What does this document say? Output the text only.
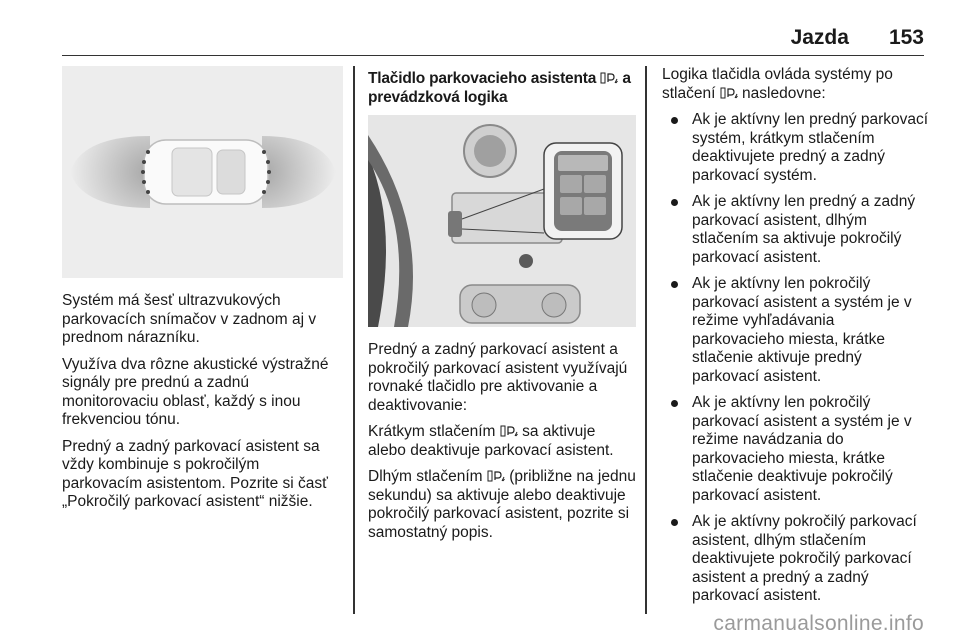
Jazda 153

Systém má šesť ultrazvukových parkovacích snímačov v zadnom aj v prednom nárazníku.

Využíva dva rôzne akustické výstražné signály pre prednú a zadnú monitorovaciu oblasť, každý s inou frekvenciou tónu.

Predný a zadný parkovací asistent sa vždy kombinuje s pokročilým parkovacím asistentom. Pozrite si časť „Pokročilý parkovací asistent“ nižšie.

Tlačidlo parkovacieho asistenta a prevádzková logika

Predný a zadný parkovací asistent a pokročilý parkovací asistent využívajú rovnaké tlačidlo pre aktivovanie a deaktivovanie:

Krátkym stlačením sa aktivuje alebo deaktivuje parkovací asistent.

Dlhým stlačením (približne na jednu sekundu) sa aktivuje alebo deaktivuje pokročilý parkovací asistent, pozrite si samostatný popis.

Logika tlačidla ovláda systémy po stlačení nasledovne:

Ak je aktívny len predný parkovací systém, krátkym stlačením deaktivujete predný a zadný parkovací systém.
Ak je aktívny len predný a zadný parkovací asistent, dlhým stlačením sa aktivuje pokročilý parkovací asistent.
Ak je aktívny len pokročilý parkovací asistent a systém je v režime vyhľadávania parkovacieho miesta, krátke stlačenie aktivuje predný parkovací asistent.
Ak je aktívny len pokročilý parkovací asistent a systém je v režime navádzania do parkovacieho miesta, krátke stlačenie deaktivuje pokročilý parkovací asistent.
Ak je aktívny pokročilý parkovací asistent, dlhým stlačením deaktivujete pokročilý parkovací asistent a predný a zadný parkovací asistent.
carmanualsonline.info
